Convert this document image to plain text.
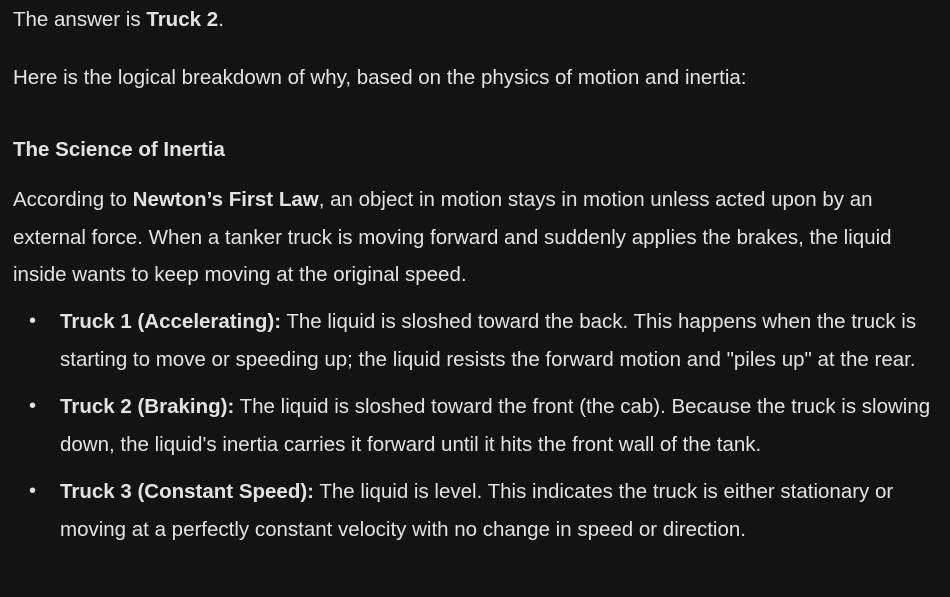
The answer is Truck 2.

Here is the logical breakdown of why, based on the physics of motion and inertia:

The Science of Inertia

According to Newton’s First Law, an object in motion stays in motion unless acted upon by an external force. When a tanker truck is moving forward and suddenly applies the brakes, the liquid inside wants to keep moving at the original speed.

• Truck 1 (Accelerating): The liquid is sloshed toward the back. This happens when the truck is starting to move or speeding up; the liquid resists the forward motion and "piles up" at the rear.
• Truck 2 (Braking): The liquid is sloshed toward the front (the cab). Because the truck is slowing down, the liquid's inertia carries it forward until it hits the front wall of the tank.
• Truck 3 (Constant Speed): The liquid is level. This indicates the truck is either stationary or moving at a perfectly constant velocity with no change in speed or direction.
